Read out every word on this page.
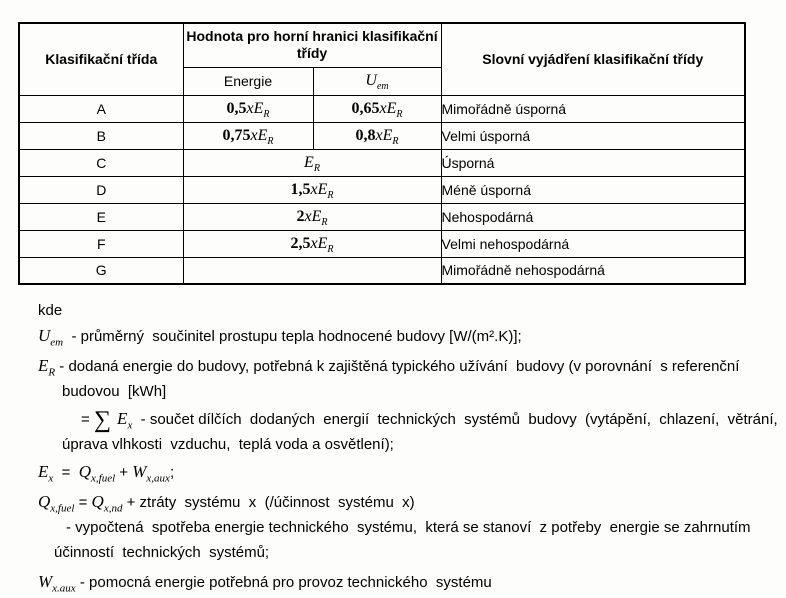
Klasifikační třída	Hodnota pro horní hranici klasifikační třídy		Slovní vyjádření klasifikační třídy
	Energie	$U_{em}$
A	$0,5xE_R$	$0,65xE_R$	Mimořádně úsporná
B	$0,75xE_R$	$0,8xE_R$	Velmi úsporná
C	$E_R$		Úsporná
D	$1,5xE_R$		Méně úsporná
E	$2xE_R$		Nehospodárná
F	$2,5xE_R$		Velmi nehospodárná
G			Mimořádně nehospodárná
kde
$U_{em}$  - průměrný  součinitel prostupu tepla hodnocené budovy [W/(m².K)];
$E_R$ - dodaná energie do budovy, potřebná k zajištěná typického užívání  budovy (v porovnání  s referenční
budovou  [kWh]
= ∑ $E_x$  - součet dílčích  dodaných  energií  technických  systémů  budovy  (vytápění,  chlazení,  větrání,
úprava vlhkosti  vzduchu,  teplá voda a osvětlení);
$E_x = Q_{x,fuel} + W_{x,aux}$;
$Q_{x,fuel} = Q_{x,nd}$ + ztráty  systému  x  (/účinnost  systému  x)
- vypočtená  spotřeba energie technického  systému,  která se stanoví  z potřeby  energie se zahrnutím
účinností  technických  systémů;
$W_{x.aux}$ - pomocná energie potřebná pro provoz technického  systému
